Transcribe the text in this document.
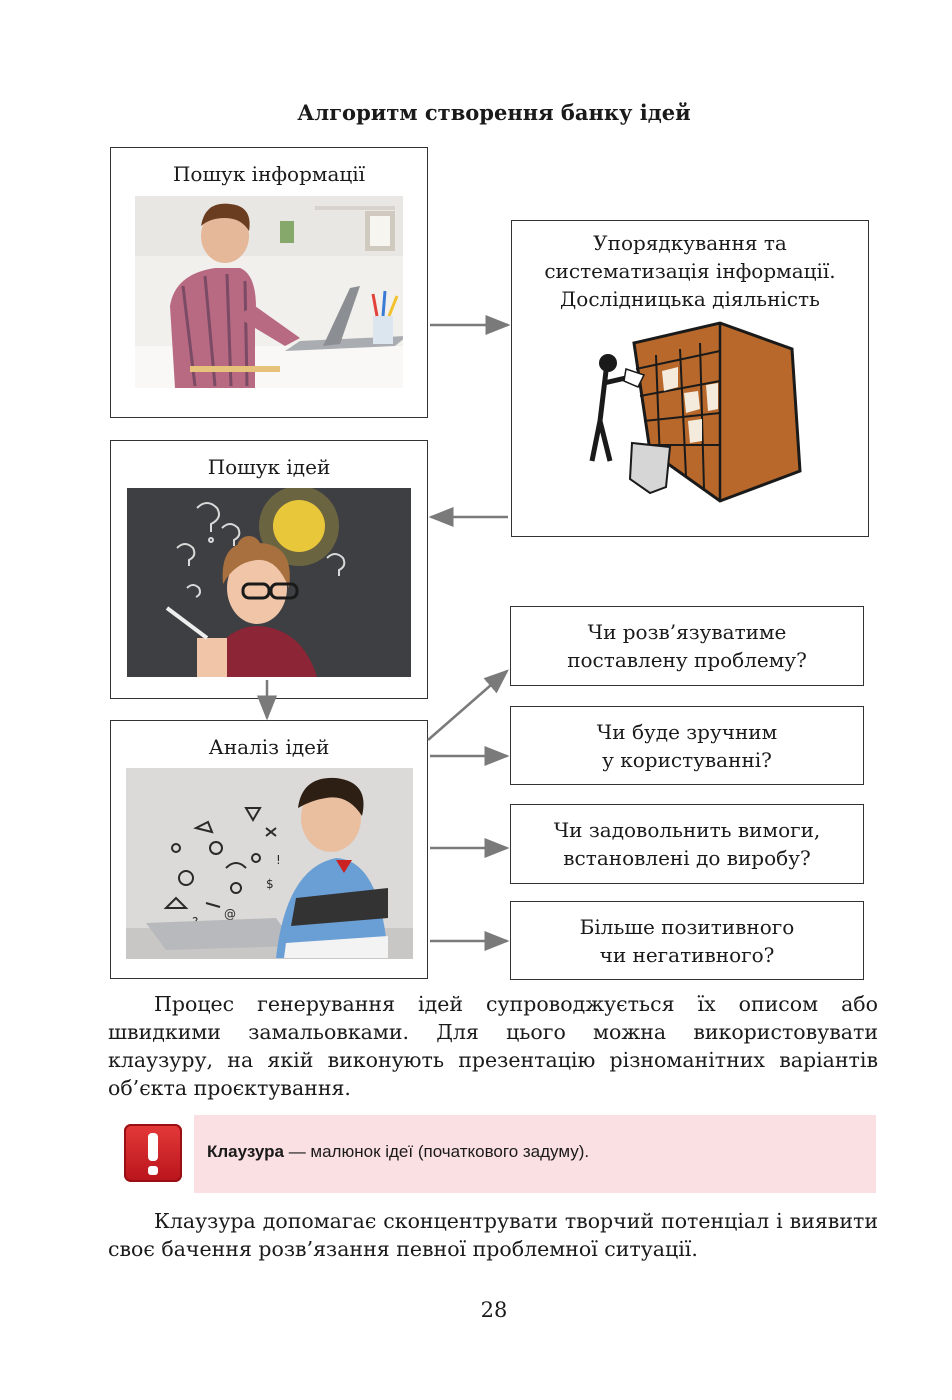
Алгоритм створення банку ідей
Пошук інформації
Упорядкування та
систематизація інформації.
Дослідницька діяльність
Пошук ідей
Аналіз ідей
@
$
!
Чи розв’язуватиме
поставлену проблему?
Чи буде зручним
у користуванні?
Чи задовольнить вимоги,
встановлені до виробу?
Більше позитивного
чи негативного?
Процес генерування ідей супроводжується їх описом або швидкими замальовками. Для цього можна використовувати клаузуру, на якій виконують презентацію різноманітних варіантів об’єкта проєктування.
Клаузура — малюнок ідеї (початкового задуму).
Клаузура допомагає сконцентрувати творчий потенціал і виявити своє бачення розв’язання певної проблемної ситуації.
28
